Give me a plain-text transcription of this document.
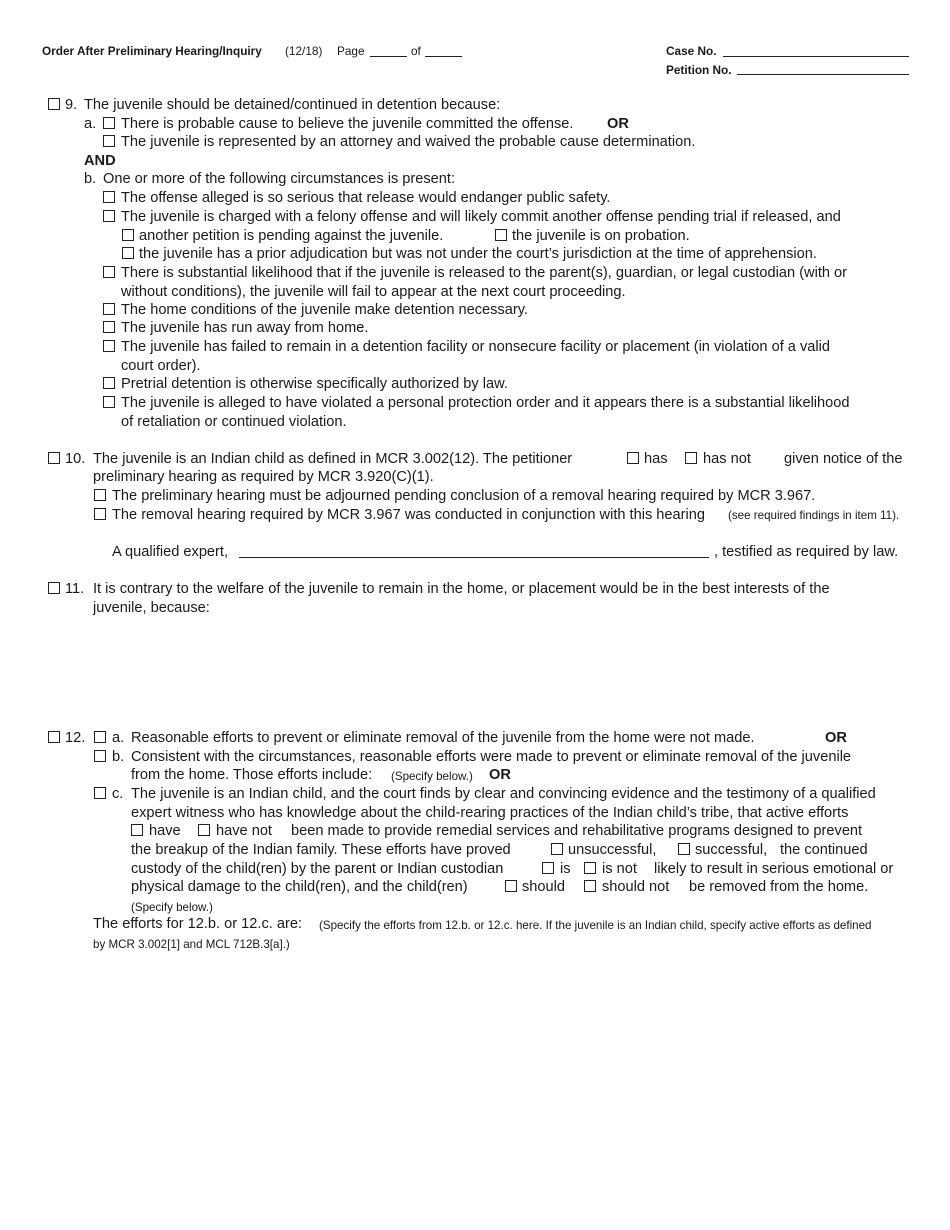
Order After Preliminary Hearing/Inquiry (12/18) Page	of	Case No.
Petition No.
9. The juvenile should be detained/continued in detention because:
a. There is probable cause to believe the juvenile committed the offense. OR
The juvenile is represented by an attorney and waived the probable cause determination.
AND
b. One or more of the following circumstances is present:
The offense alleged is so serious that release would endanger public safety.
The juvenile is charged with a felony offense and will likely commit another offense pending trial if released, and
another petition is pending against the juvenile.	the juvenile is on probation.
the juvenile has a prior adjudication but was not under the court’s jurisdiction at the time of apprehension.
There is substantial likelihood that if the juvenile is released to the parent(s), guardian, or legal custodian (with or
without conditions), the juvenile will fail to appear at the next court proceeding.
The home conditions of the juvenile make detention necessary.
The juvenile has run away from home.
The juvenile has failed to remain in a detention facility or nonsecure facility or placement (in violation of a valid
court order).
Pretrial detention is otherwise specifically authorized by law.
The juvenile is alleged to have violated a personal protection order and it appears there is a substantial likelihood
of retaliation or continued violation.
10. The juvenile is an Indian child as defined in MCR 3.002(12). The petitioner	has has not given notice of the
preliminary hearing as required by MCR 3.920(C)(1).
The preliminary hearing must be adjourned pending conclusion of a removal hearing required by MCR 3.967.
The removal hearing required by MCR 3.967 was conducted in conjunction with this hearing (see required findings in item 11).
A qualified expert,	, testified as required by law.
11. It is contrary to the welfare of the juvenile to remain in the home, or placement would be in the best interests of the
juvenile, because:
12. a. Reasonable efforts to prevent or eliminate removal of the juvenile from the home were not made.	OR
b. Consistent with the circumstances, reasonable efforts were made to prevent or eliminate removal of the juvenile
from the home. Those efforts include: (Specify below.) OR
c. The juvenile is an Indian child, and the court finds by clear and convincing evidence and the testimony of a qualified
expert witness who has knowledge about the child-rearing practices of the Indian child’s tribe, that active efforts
have have not been made to provide remedial services and rehabilitative programs designed to prevent
the breakup of the Indian family. These efforts have proved	unsuccessful,	successful, the continued
custody of the child(ren) by the parent or Indian custodian	is is not likely to result in serious emotional or
physical damage to the child(ren), and the child(ren)	should	should not be removed from the home.
(Specify below.)
The efforts for 12.b. or 12.c. are: (Specify the efforts from 12.b. or 12.c. here. If the juvenile is an Indian child, specify active efforts as defined
by MCR 3.002[1] and MCL 712B.3[a].)
